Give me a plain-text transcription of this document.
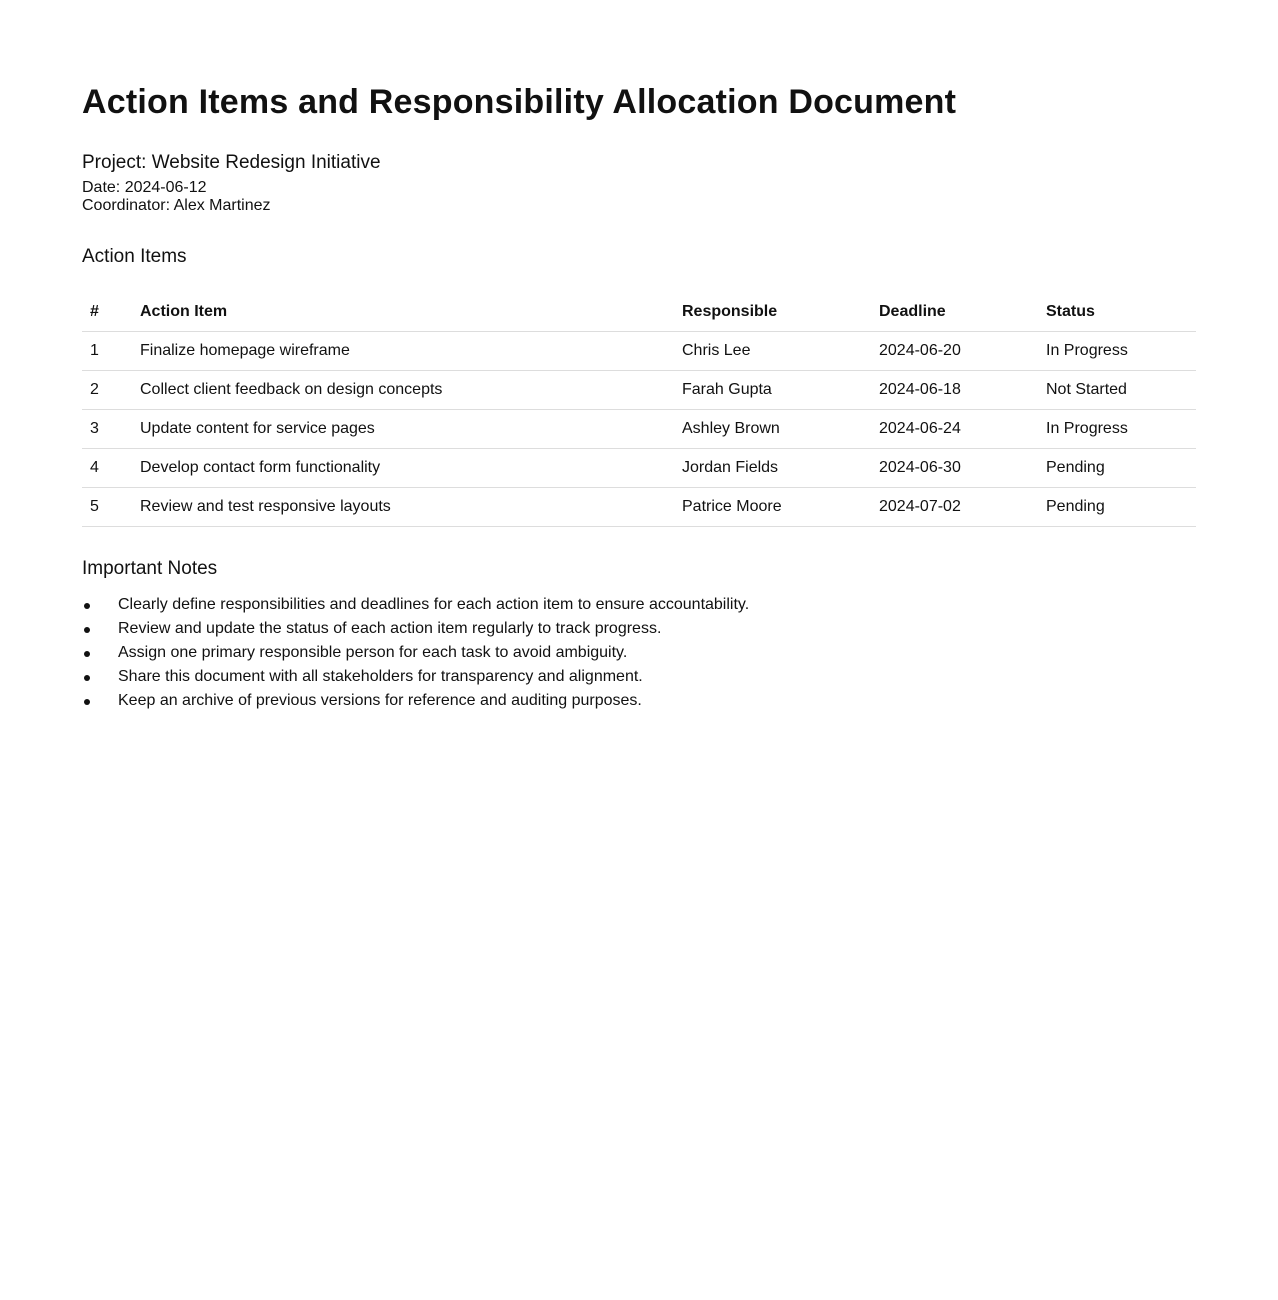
Action Items and Responsibility Allocation Document
Project: Website Redesign Initiative
Date: 2024-06-12
Coordinator: Alex Martinez
Action Items
#	Action Item	Responsible	Deadline	Status
1	Finalize homepage wireframe	Chris Lee	2024-06-20	In Progress
2	Collect client feedback on design concepts	Farah Gupta	2024-06-18	Not Started
3	Update content for service pages	Ashley Brown	2024-06-24	In Progress
4	Develop contact form functionality	Jordan Fields	2024-06-30	Pending
5	Review and test responsive layouts	Patrice Moore	2024-07-02	Pending
Important Notes
Clearly define responsibilities and deadlines for each action item to ensure accountability.
Review and update the status of each action item regularly to track progress.
Assign one primary responsible person for each task to avoid ambiguity.
Share this document with all stakeholders for transparency and alignment.
Keep an archive of previous versions for reference and auditing purposes.
